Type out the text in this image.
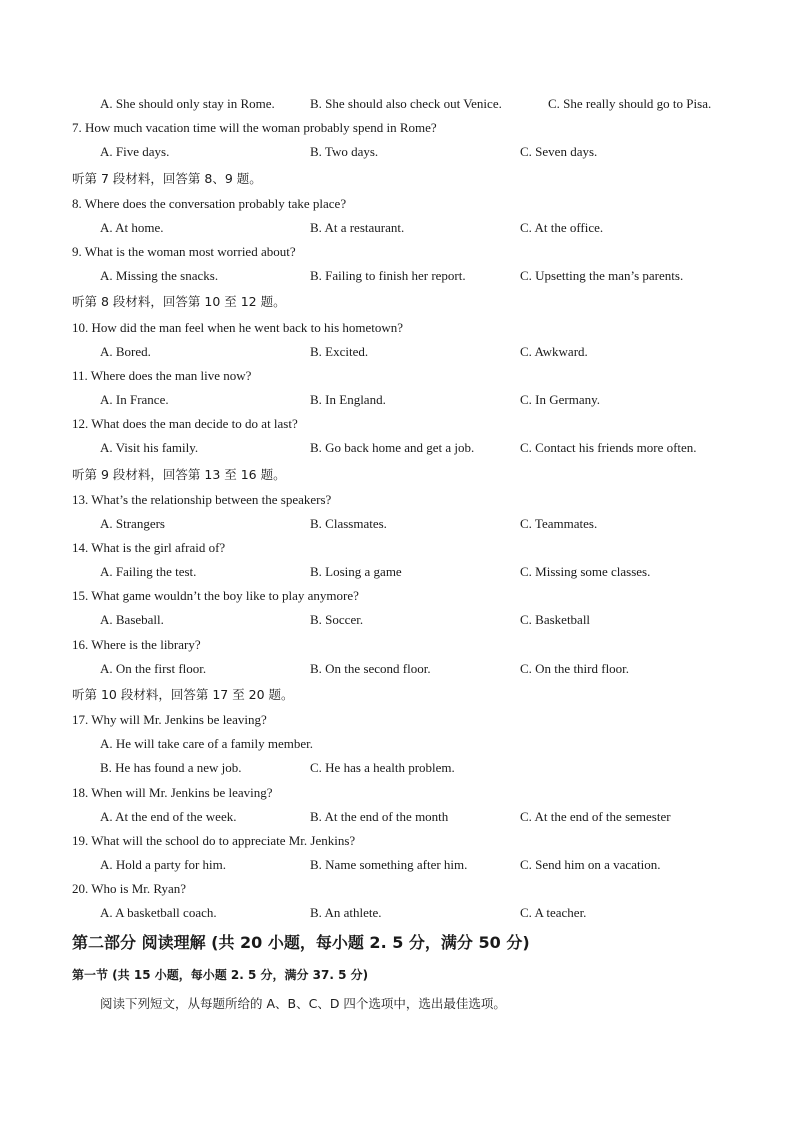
A. She should only stay in Rome.	B. She should also check out Venice.	C. She really should go to Pisa.
7. How much vacation time will the woman probably spend in Rome?
A. Five days.	B. Two days.	C. Seven days.
听第 7 段材料，回答第 8、9 题。
8. Where does the conversation probably take place?
A. At home.	B. At a restaurant.	C. At the office.
9. What is the woman most worried about?
A. Missing the snacks.	B. Failing to finish her report.	C. Upsetting the man’s parents.
听第 8 段材料，回答第 10 至 12 题。
10. How did the man feel when he went back to his hometown?
A. Bored.	B. Excited.	C. Awkward.
11. Where does the man live now?
A. In France.	B. In England.	C. In Germany.
12. What does the man decide to do at last?
A. Visit his family.	B. Go back home and get a job.	C. Contact his friends more often.
听第 9 段材料，回答第 13 至 16 题。
13. What’s the relationship between the speakers?
A. Strangers	B. Classmates.	C. Teammates.
14. What is the girl afraid of?
A. Failing the test.	B. Losing a game	C. Missing some classes.
15. What game wouldn’t the boy like to play anymore?
A. Baseball.	B. Soccer.	C. Basketball
16. Where is the library?
A. On the first floor.	B. On the second floor.	C. On the third floor.
听第 10 段材料，回答第 17 至 20 题。
17. Why will Mr. Jenkins be leaving?
A. He will take care of a family member.
B. He has found a new job.	C. He has a health problem.
18. When will Mr. Jenkins be leaving?
A. At the end of the week.	B. At the end of the month	C. At the end of the semester
19. What will the school do to appreciate Mr. Jenkins?
A. Hold a party for him.	B. Name something after him.	C. Send him on a vacation.
20. Who is Mr. Ryan?
A. A basketball coach.	B. An athlete.	C. A teacher.
第二部分 阅读理解 (共 20 小题，每小题 2. 5 分，满分 50 分)
第一节 (共 15 小题，每小题 2. 5 分，满分 37. 5 分)
阅读下列短文，从每题所给的 A、B、C、D 四个选项中，选出最佳选项。
